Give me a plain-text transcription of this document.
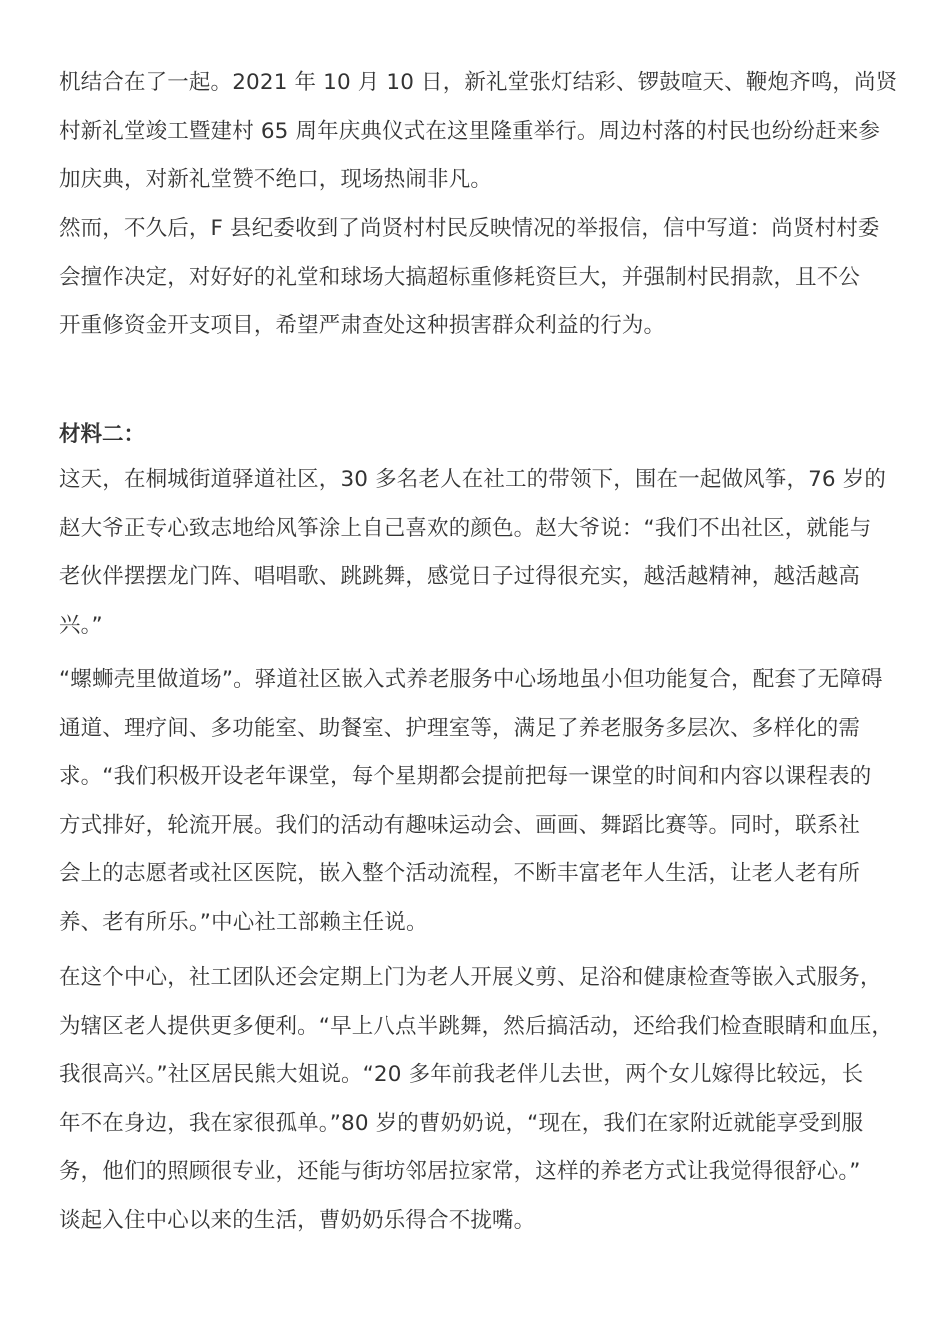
机结合在了一起。2021 年 10 月 10 日，新礼堂张灯结彩、锣鼓喧天、鞭炮齐鸣，尚贤
村新礼堂竣工暨建村 65 周年庆典仪式在这里隆重举行。周边村落的村民也纷纷赶来参
加庆典，对新礼堂赞不绝口，现场热闹非凡。

然而，不久后，F 县纪委收到了尚贤村村民反映情况的举报信，信中写道：尚贤村村委
会擅作决定，对好好的礼堂和球场大搞超标重修耗资巨大，并强制村民捐款，且不公
开重修资金开支项目，希望严肃查处这种损害群众利益的行为。

材料二：

这天，在桐城街道驿道社区，30 多名老人在社工的带领下，围在一起做风筝，76 岁的
赵大爷正专心致志地给风筝涂上自己喜欢的颜色。赵大爷说：“我们不出社区，就能与
老伙伴摆摆龙门阵、唱唱歌、跳跳舞，感觉日子过得很充实，越活越精神，越活越高
兴。”

“螺蛳壳里做道场”。驿道社区嵌入式养老服务中心场地虽小但功能复合，配套了无障碍
通道、理疗间、多功能室、助餐室、护理室等，满足了养老服务多层次、多样化的需
求。“我们积极开设老年课堂，每个星期都会提前把每一课堂的时间和内容以课程表的
方式排好，轮流开展。我们的活动有趣味运动会、画画、舞蹈比赛等。同时，联系社
会上的志愿者或社区医院，嵌入整个活动流程，不断丰富老年人生活，让老人老有所
养、老有所乐。”中心社工部赖主任说。

在这个中心，社工团队还会定期上门为老人开展义剪、足浴和健康检查等嵌入式服务，
为辖区老人提供更多便利。“早上八点半跳舞，然后搞活动，还给我们检查眼睛和血压，
我很高兴。”社区居民熊大姐说。“20 多年前我老伴儿去世，两个女儿嫁得比较远，长
年不在身边，我在家很孤单。”80 岁的曹奶奶说，“现在，我们在家附近就能享受到服
务，他们的照顾很专业，还能与街坊邻居拉家常，这样的养老方式让我觉得很舒心。”
谈起入住中心以来的生活，曹奶奶乐得合不拢嘴。
